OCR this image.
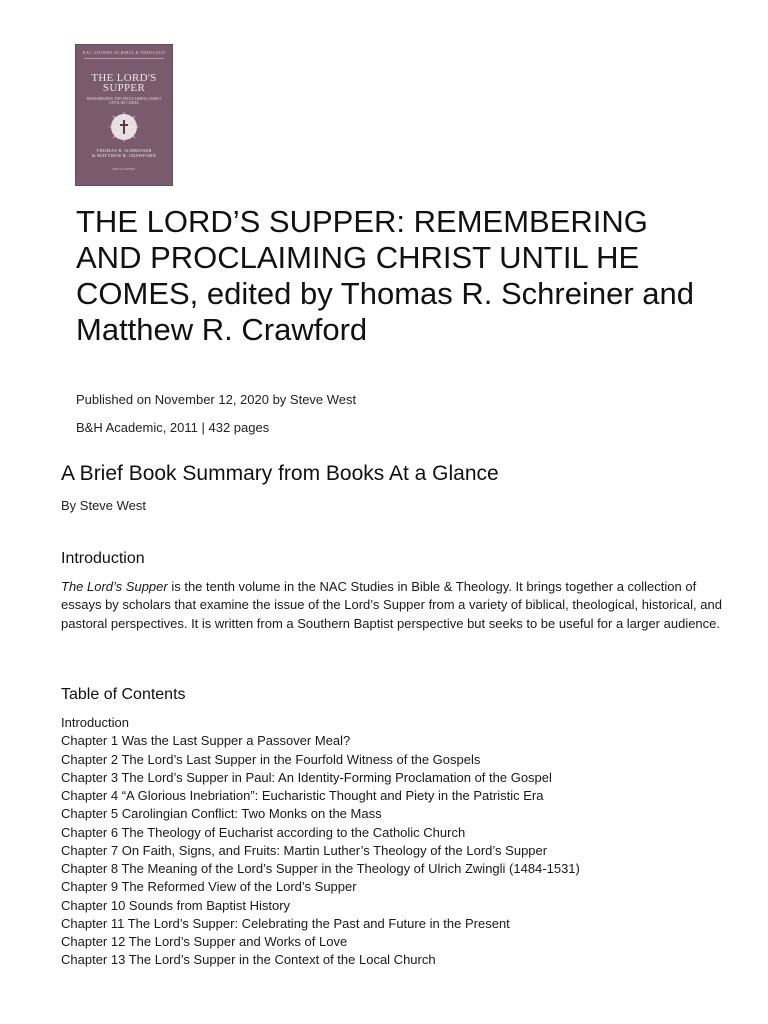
NAC STUDIES IN BIBLE & THEOLOGY
THE LORD'S
SUPPER
REMEMBERING AND PROCLAIMING CHRIST UNTIL HE COMES
THOMAS R. SCHREINER
& MATTHEW R. CRAWFORD
B&H ACADEMIC
THE LORD’S SUPPER: REMEMBERING AND PROCLAIMING CHRIST UNTIL HE COMES, edited by Thomas R. Schreiner and Matthew R. Crawford

Published on November 12, 2020 by Steve West

B&H Academic, 2011 | 432 pages

A Brief Book Summary from Books At a Glance

By Steve West

Introduction

The Lord’s Supper is the tenth volume in the NAC Studies in Bible & Theology. It brings together a collection of essays by scholars that examine the issue of the Lord’s Supper from a variety of biblical, theological, historical, and pastoral perspectives. It is written from a Southern Baptist perspective but seeks to be useful for a larger audience.

Table of Contents
Introduction
Chapter 1 Was the Last Supper a Passover Meal?
Chapter 2 The Lord’s Last Supper in the Fourfold Witness of the Gospels
Chapter 3 The Lord’s Supper in Paul: An Identity-Forming Proclamation of the Gospel
Chapter 4 “A Glorious Inebriation”: Eucharistic Thought and Piety in the Patristic Era
Chapter 5 Carolingian Conflict: Two Monks on the Mass
Chapter 6 The Theology of Eucharist according to the Catholic Church
Chapter 7 On Faith, Signs, and Fruits: Martin Luther’s Theology of the Lord’s Supper
Chapter 8 The Meaning of the Lord’s Supper in the Theology of Ulrich Zwingli (1484-1531)
Chapter 9 The Reformed View of the Lord’s Supper
Chapter 10 Sounds from Baptist History
Chapter 11 The Lord’s Supper: Celebrating the Past and Future in the Present
Chapter 12 The Lord’s Supper and Works of Love
Chapter 13 The Lord’s Supper in the Context of the Local Church
